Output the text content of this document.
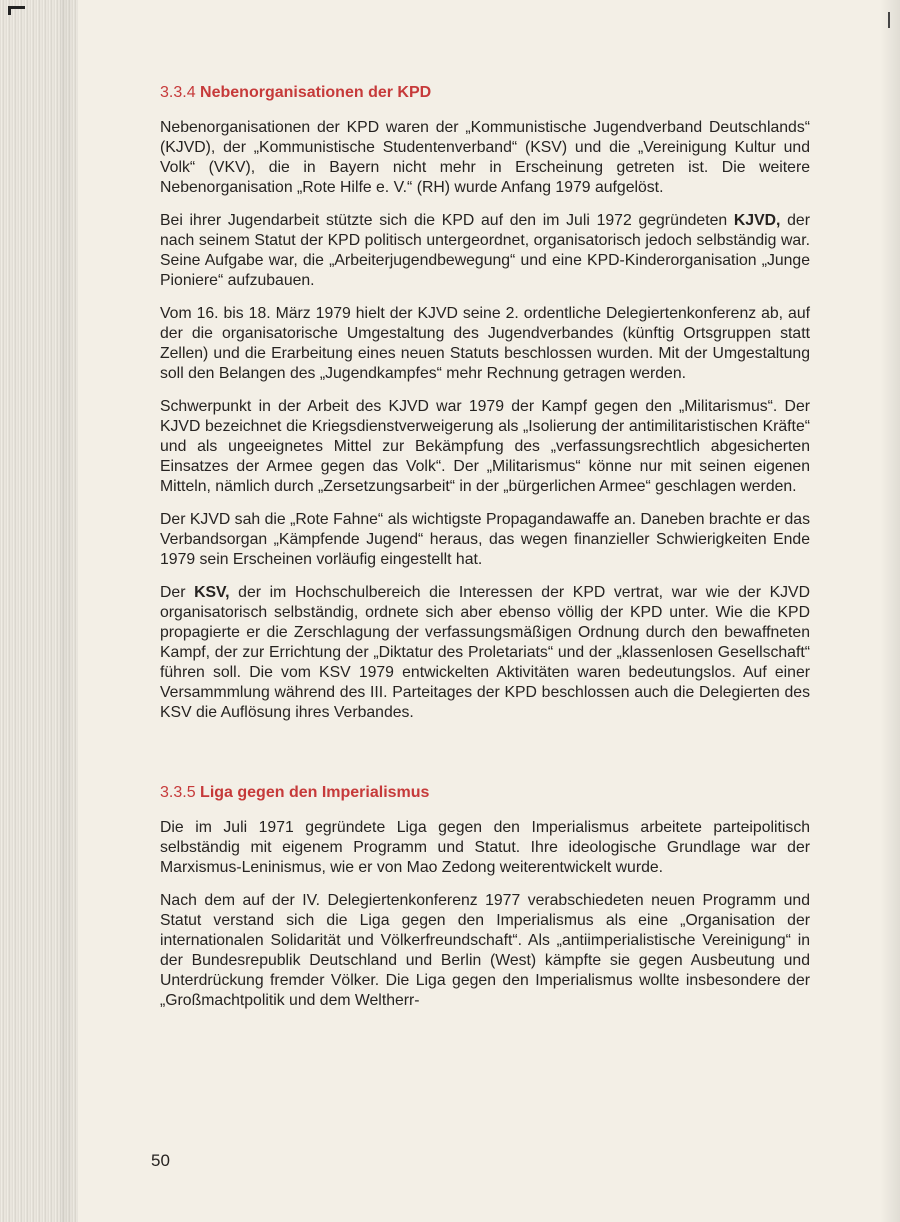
3.3.4 Nebenorganisationen der KPD

Nebenorganisationen der KPD waren der „Kommunistische Jugendverband Deutschlands“ (KJVD), der „Kommunistische Studentenverband“ (KSV) und die „Vereinigung Kultur und Volk“ (VKV), die in Bayern nicht mehr in Erscheinung getreten ist. Die weitere Nebenorganisation „Rote Hilfe e. V.“ (RH) wurde Anfang 1979 aufgelöst.

Bei ihrer Jugendarbeit stützte sich die KPD auf den im Juli 1972 gegründeten KJVD, der nach seinem Statut der KPD politisch untergeordnet, organisatorisch jedoch selbständig war. Seine Aufgabe war, die „Arbeiterjugendbewegung“ und eine KPD-Kinderorganisation „Junge Pioniere“ aufzubauen.

Vom 16. bis 18. März 1979 hielt der KJVD seine 2. ordentliche Delegiertenkonferenz ab, auf der die organisatorische Umgestaltung des Jugendverbandes (künftig Ortsgruppen statt Zellen) und die Erarbeitung eines neuen Statuts beschlossen wurden. Mit der Umgestaltung soll den Belangen des „Jugendkampfes“ mehr Rechnung getragen werden.

Schwerpunkt in der Arbeit des KJVD war 1979 der Kampf gegen den „Militarismus“. Der KJVD bezeichnet die Kriegsdienstverweigerung als „Isolierung der antimilitaristischen Kräfte“ und als ungeeignetes Mittel zur Bekämpfung des „verfassungsrechtlich abgesicherten Einsatzes der Armee gegen das Volk“. Der „Militarismus“ könne nur mit seinen eigenen Mitteln, nämlich durch „Zersetzungsarbeit“ in der „bürgerlichen Armee“ geschlagen werden.

Der KJVD sah die „Rote Fahne“ als wichtigste Propagandawaffe an. Daneben brachte er das Verbandsorgan „Kämpfende Jugend“ heraus, das wegen finanzieller Schwierigkeiten Ende 1979 sein Erscheinen vorläufig eingestellt hat.

Der KSV, der im Hochschulbereich die Interessen der KPD vertrat, war wie der KJVD organisatorisch selbständig, ordnete sich aber ebenso völlig der KPD unter. Wie die KPD propagierte er die Zerschlagung der verfassungsmäßigen Ordnung durch den bewaffneten Kampf, der zur Errichtung der „Diktatur des Proletariats“ und der „klassenlosen Gesellschaft“ führen soll. Die vom KSV 1979 entwickelten Aktivitäten waren bedeutungslos. Auf einer Versammmlung während des III. Parteitages der KPD beschlossen auch die Delegierten des KSV die Auflösung ihres Verbandes.

3.3.5 Liga gegen den Imperialismus

Die im Juli 1971 gegründete Liga gegen den Imperialismus arbeitete parteipolitisch selbständig mit eigenem Programm und Statut. Ihre ideologische Grundlage war der Marxismus-Leninismus, wie er von Mao Zedong weiterentwickelt wurde.

Nach dem auf der IV. Delegiertenkonferenz 1977 verabschiedeten neuen Programm und Statut verstand sich die Liga gegen den Imperialismus als eine „Organisation der internationalen Solidarität und Völkerfreundschaft“. Als „antiimperialistische Vereinigung“ in der Bundesrepublik Deutschland und Berlin (West) kämpfte sie gegen Ausbeutung und Unterdrückung fremder Völker. Die Liga gegen den Imperialismus wollte insbesondere der „Großmachtpolitik und dem Weltherr-

50
